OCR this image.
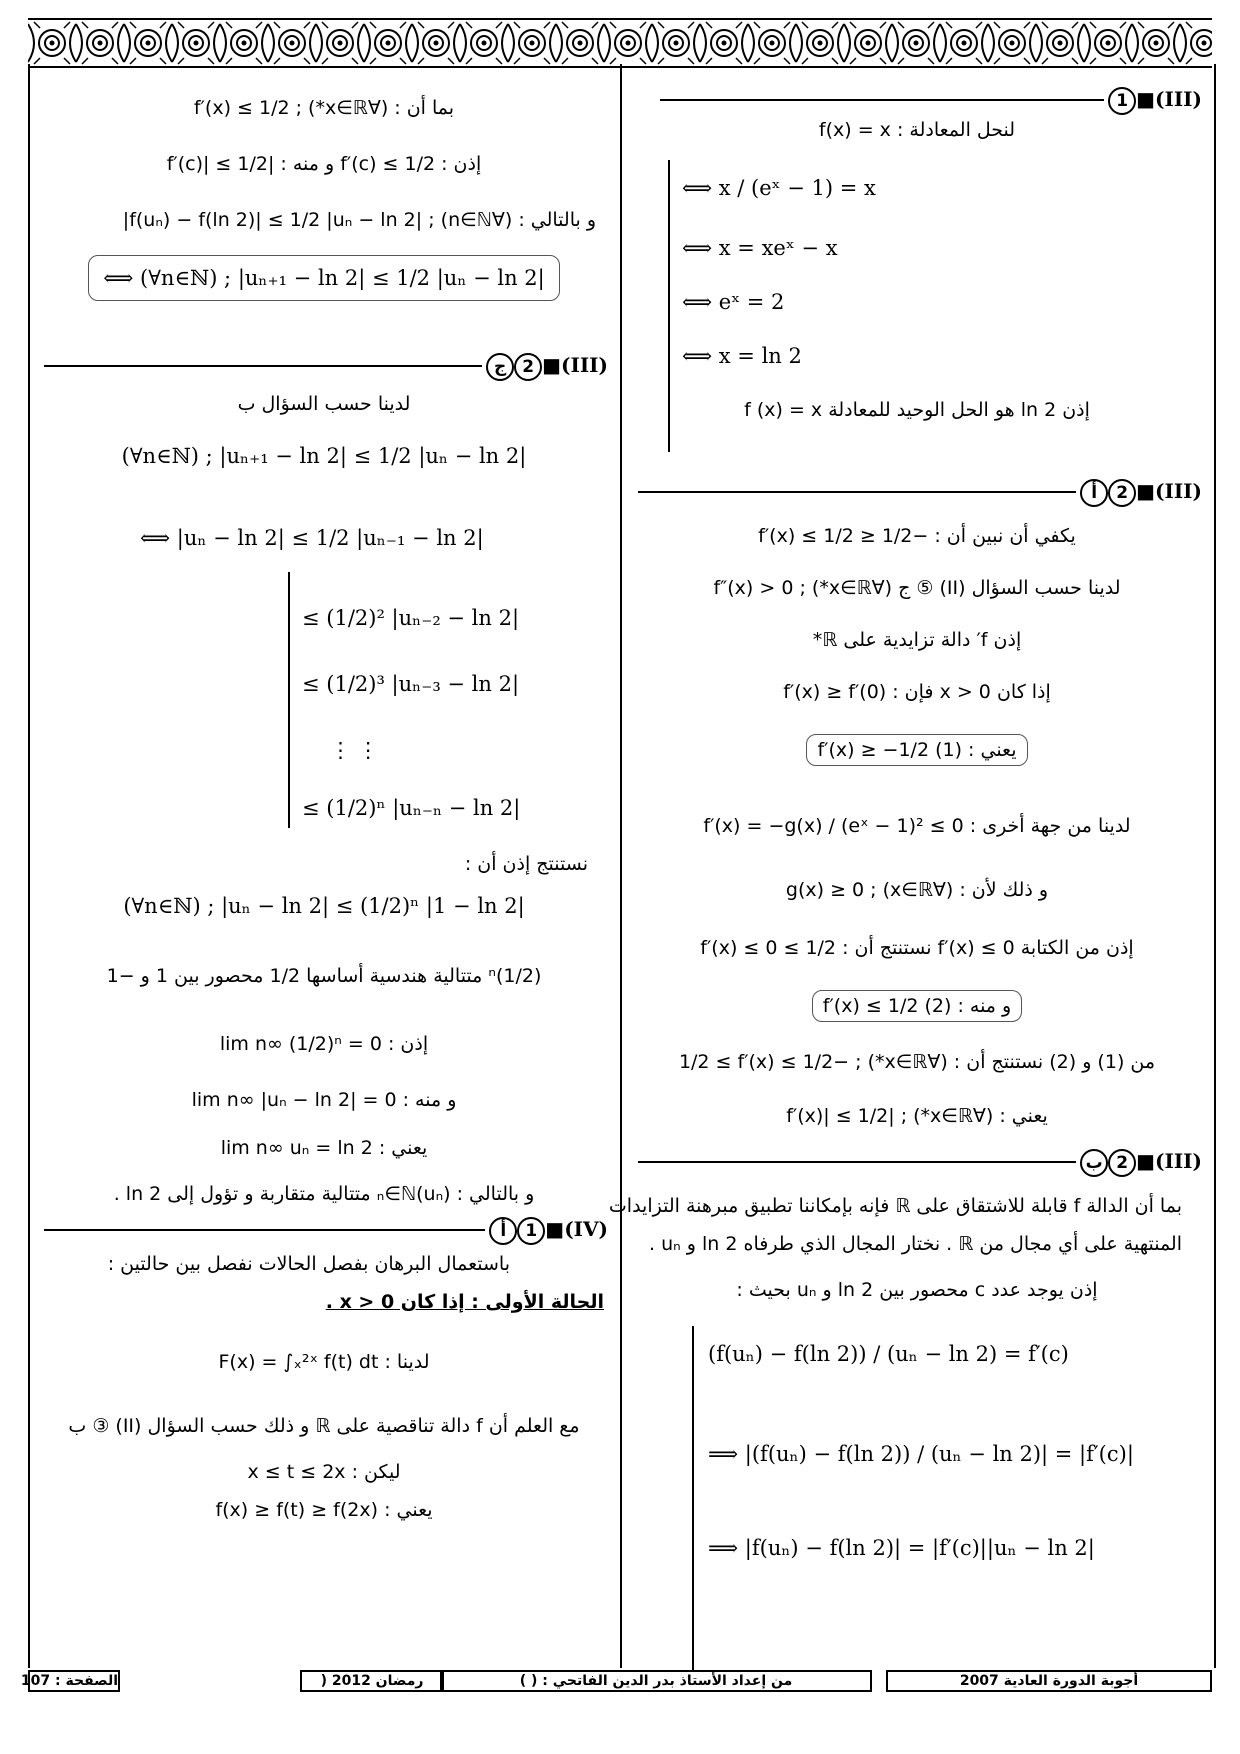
1 ■(III)
لنحل المعادلة : f(x) = x
⟺ x / (eˣ − 1) = x
⟺ x = xeˣ − x
⟺ eˣ = 2
⟺ x = ln 2
إذن ln 2 هو الحل الوحيد للمعادلة f (x) = x
أ 2 ■(III)
يكفي أن نبين أن : −1/2 ≤ f′(x) ≤ 1/2
لدينا حسب السؤال (II) ⑤ ج (∀x∈ℝ*) ; f″(x) > 0
إذن f′ دالة تزايدية على ℝ*
إذا كان x > 0 فإن : f′(x) ≥ f′(0)
يعني : f′(x) ≥ −1/2 (1)
لدينا من جهة أخرى : f′(x) = −g(x) / (eˣ − 1)² ≤ 0
و ذلك لأن : (∀x∈ℝ) ; g(x) ≥ 0
إذن من الكتابة f′(x) ≤ 0 نستنتج أن : f′(x) ≤ 0 ≤ 1/2
و منه : f′(x) ≤ 1/2 (2)
من (1) و (2) نستنتج أن : (∀x∈ℝ*) ; −1/2 ≤ f′(x) ≤ 1/2
يعني : (∀x∈ℝ*) ; |f′(x)| ≤ 1/2
ب 2 ■(III)
بما أن الدالة f قابلة للاشتقاق على ℝ فإنه بإمكاننا تطبيق مبرهنة التزايدات
المنتهية على أي مجال من ℝ . نختار المجال الذي طرفاه ln 2 و uₙ .
إذن يوجد عدد c محصور بين ln 2 و uₙ بحيث :
(f(uₙ) − f(ln 2)) / (uₙ − ln 2) = f′(c)
⟹ |(f(uₙ) − f(ln 2)) / (uₙ − ln 2)| = |f′(c)|
⟹ |f(uₙ) − f(ln 2)| = |f′(c)||uₙ − ln 2|
بما أن : (∀x∈ℝ*) ; f′(x) ≤ 1/2
إذن : f′(c) ≤ 1/2 و منه : |f′(c)| ≤ 1/2
و بالتالي : (∀n∈ℕ) ; |f(uₙ) − f(ln 2)| ≤ 1/2 |uₙ − ln 2|
⟺ (∀n∈ℕ) ; |uₙ₊₁ − ln 2| ≤ 1/2 |uₙ − ln 2|
ج 2 ■(III)
لدينا حسب السؤال ب
(∀n∈ℕ) ; |uₙ₊₁ − ln 2| ≤ 1/2 |uₙ − ln 2|
⟺ |uₙ − ln 2| ≤ 1/2 |uₙ₋₁ − ln 2|
≤ (1/2)² |uₙ₋₂ − ln 2|
≤ (1/2)³ |uₙ₋₃ − ln 2|
⋮ ⋮
≤ (1/2)ⁿ |uₙ₋ₙ − ln 2|
نستنتج إذن أن :
(∀n∈ℕ) ; |uₙ − ln 2| ≤ (1/2)ⁿ |1 − ln 2|
(1/2)ⁿ متتالية هندسية أساسها 1/2 محصور بين 1 و −1
إذن : lim n∞ (1/2)ⁿ = 0
و منه : lim n∞ |uₙ − ln 2| = 0
يعني : lim n∞ uₙ = ln 2
و بالتالي : (uₙ)ₙ∈ℕ متتالية متقاربة و تؤول إلى ln 2 .
أ 1 ■(IV)
باستعمال البرهان بفصل الحالات نفصل بين حالتين :
الحالة الأولى : إذا كان x > 0 .
لدينا : F(x) = ∫ₓ²ˣ f(t) dt
مع العلم أن f دالة تناقصية على ℝ و ذلك حسب السؤال (II) ③ ب
ليكن : x ≤ t ≤ 2x
يعني : f(x) ≥ f(t) ≥ f(2x)
الصفحة : 107	رمضان 2012 (	من إعداد الأستاذ بدر الدين الفاتحي : ( )	أجوبة الدورة العادية 2007
